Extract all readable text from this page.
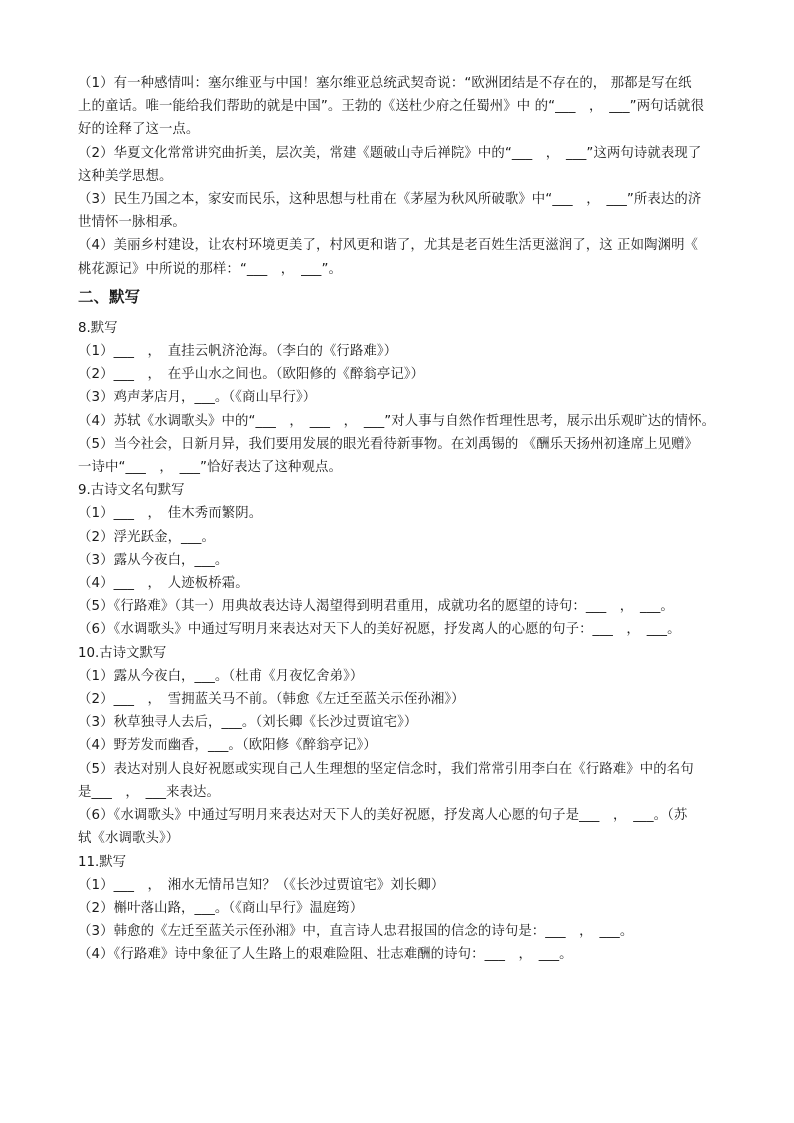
（1）有一种感情叫：塞尔维亚与中国！塞尔维亚总统武契奇说：“欧洲团结是不存在的， 那都是写在纸
上的童话。唯一能给我们帮助的就是中国”。王勃的《送杜少府之任蜀州》中 的“___　，　___”两句话就很
好的诠释了这一点。
（2）华夏文化常常讲究曲折美，层次美，常建《题破山寺后禅院》中的“___　，　___”这两句诗就表现了
这种美学思想。
（3）民生乃国之本，家安而民乐，这种思想与杜甫在《茅屋为秋风所破歌》中“___　，　___”所表达的济
世情怀一脉相承。
（4）美丽乡村建设，让农村环境更美了，村风更和谐了，尤其是老百姓生活更滋润了，这 正如陶渊明《
桃花源记》中所说的那样：“___　，　___”。
二、默写
8.默写
（1）___　，　直挂云帆济沧海。（李白的《行路难》）
（2）___　，　在乎山水之间也。（欧阳修的《醉翁亭记》）
（3）鸡声茅店月，___。（《商山早行》）
（4）苏轼《水调歌头》中的“___　，　___　，　___”对人事与自然作哲理性思考，展示出乐观旷达的情怀。
（5）当今社会，日新月异，我们要用发展的眼光看待新事物。在刘禹锡的 《酬乐天扬州初逢席上见赠》
一诗中“___　，　___”恰好表达了这种观点。
9.古诗文名句默写
（1）___　，　佳木秀而繁阴。
（2）浮光跃金，___。
（3）露从今夜白，___。
（4）___　，　人迹板桥霜。
（5）《行路难》（其一）用典故表达诗人渴望得到明君重用，成就功名的愿望的诗句：___　，　___。
（6）《水调歌头》中通过写明月来表达对天下人的美好祝愿，抒发离人的心愿的句子：___　，　___。
10.古诗文默写
（1）露从今夜白，___。（杜甫《月夜忆舍弟》）
（2）___　，　雪拥蓝关马不前。（韩愈《左迁至蓝关示侄孙湘》）
（3）秋草独寻人去后，___。（刘长卿《长沙过贾谊宅》）
（4）野芳发而幽香，___。（欧阳修《醉翁亭记》）
（5）表达对别人良好祝愿或实现自己人生理想的坚定信念时，我们常常引用李白在《行路难》中的名句
是___　，　___来表达。
（6）《水调歌头》中通过写明月来表达对天下人的美好祝愿，抒发离人心愿的句子是___　，　___。（苏
轼《水调歌头》）
11.默写
（1）___　，　湘水无情吊岂知？（《长沙过贾谊宅》刘长卿）
（2）槲叶落山路，___。（《商山早行》温庭筠）
（3）韩愈的《左迁至蓝关示侄孙湘》中，直言诗人忠君报国的信念的诗句是：___　，　___。
（4）《行路难》诗中象征了人生路上的艰难险阻、壮志难酬的诗句：___　，　___。
